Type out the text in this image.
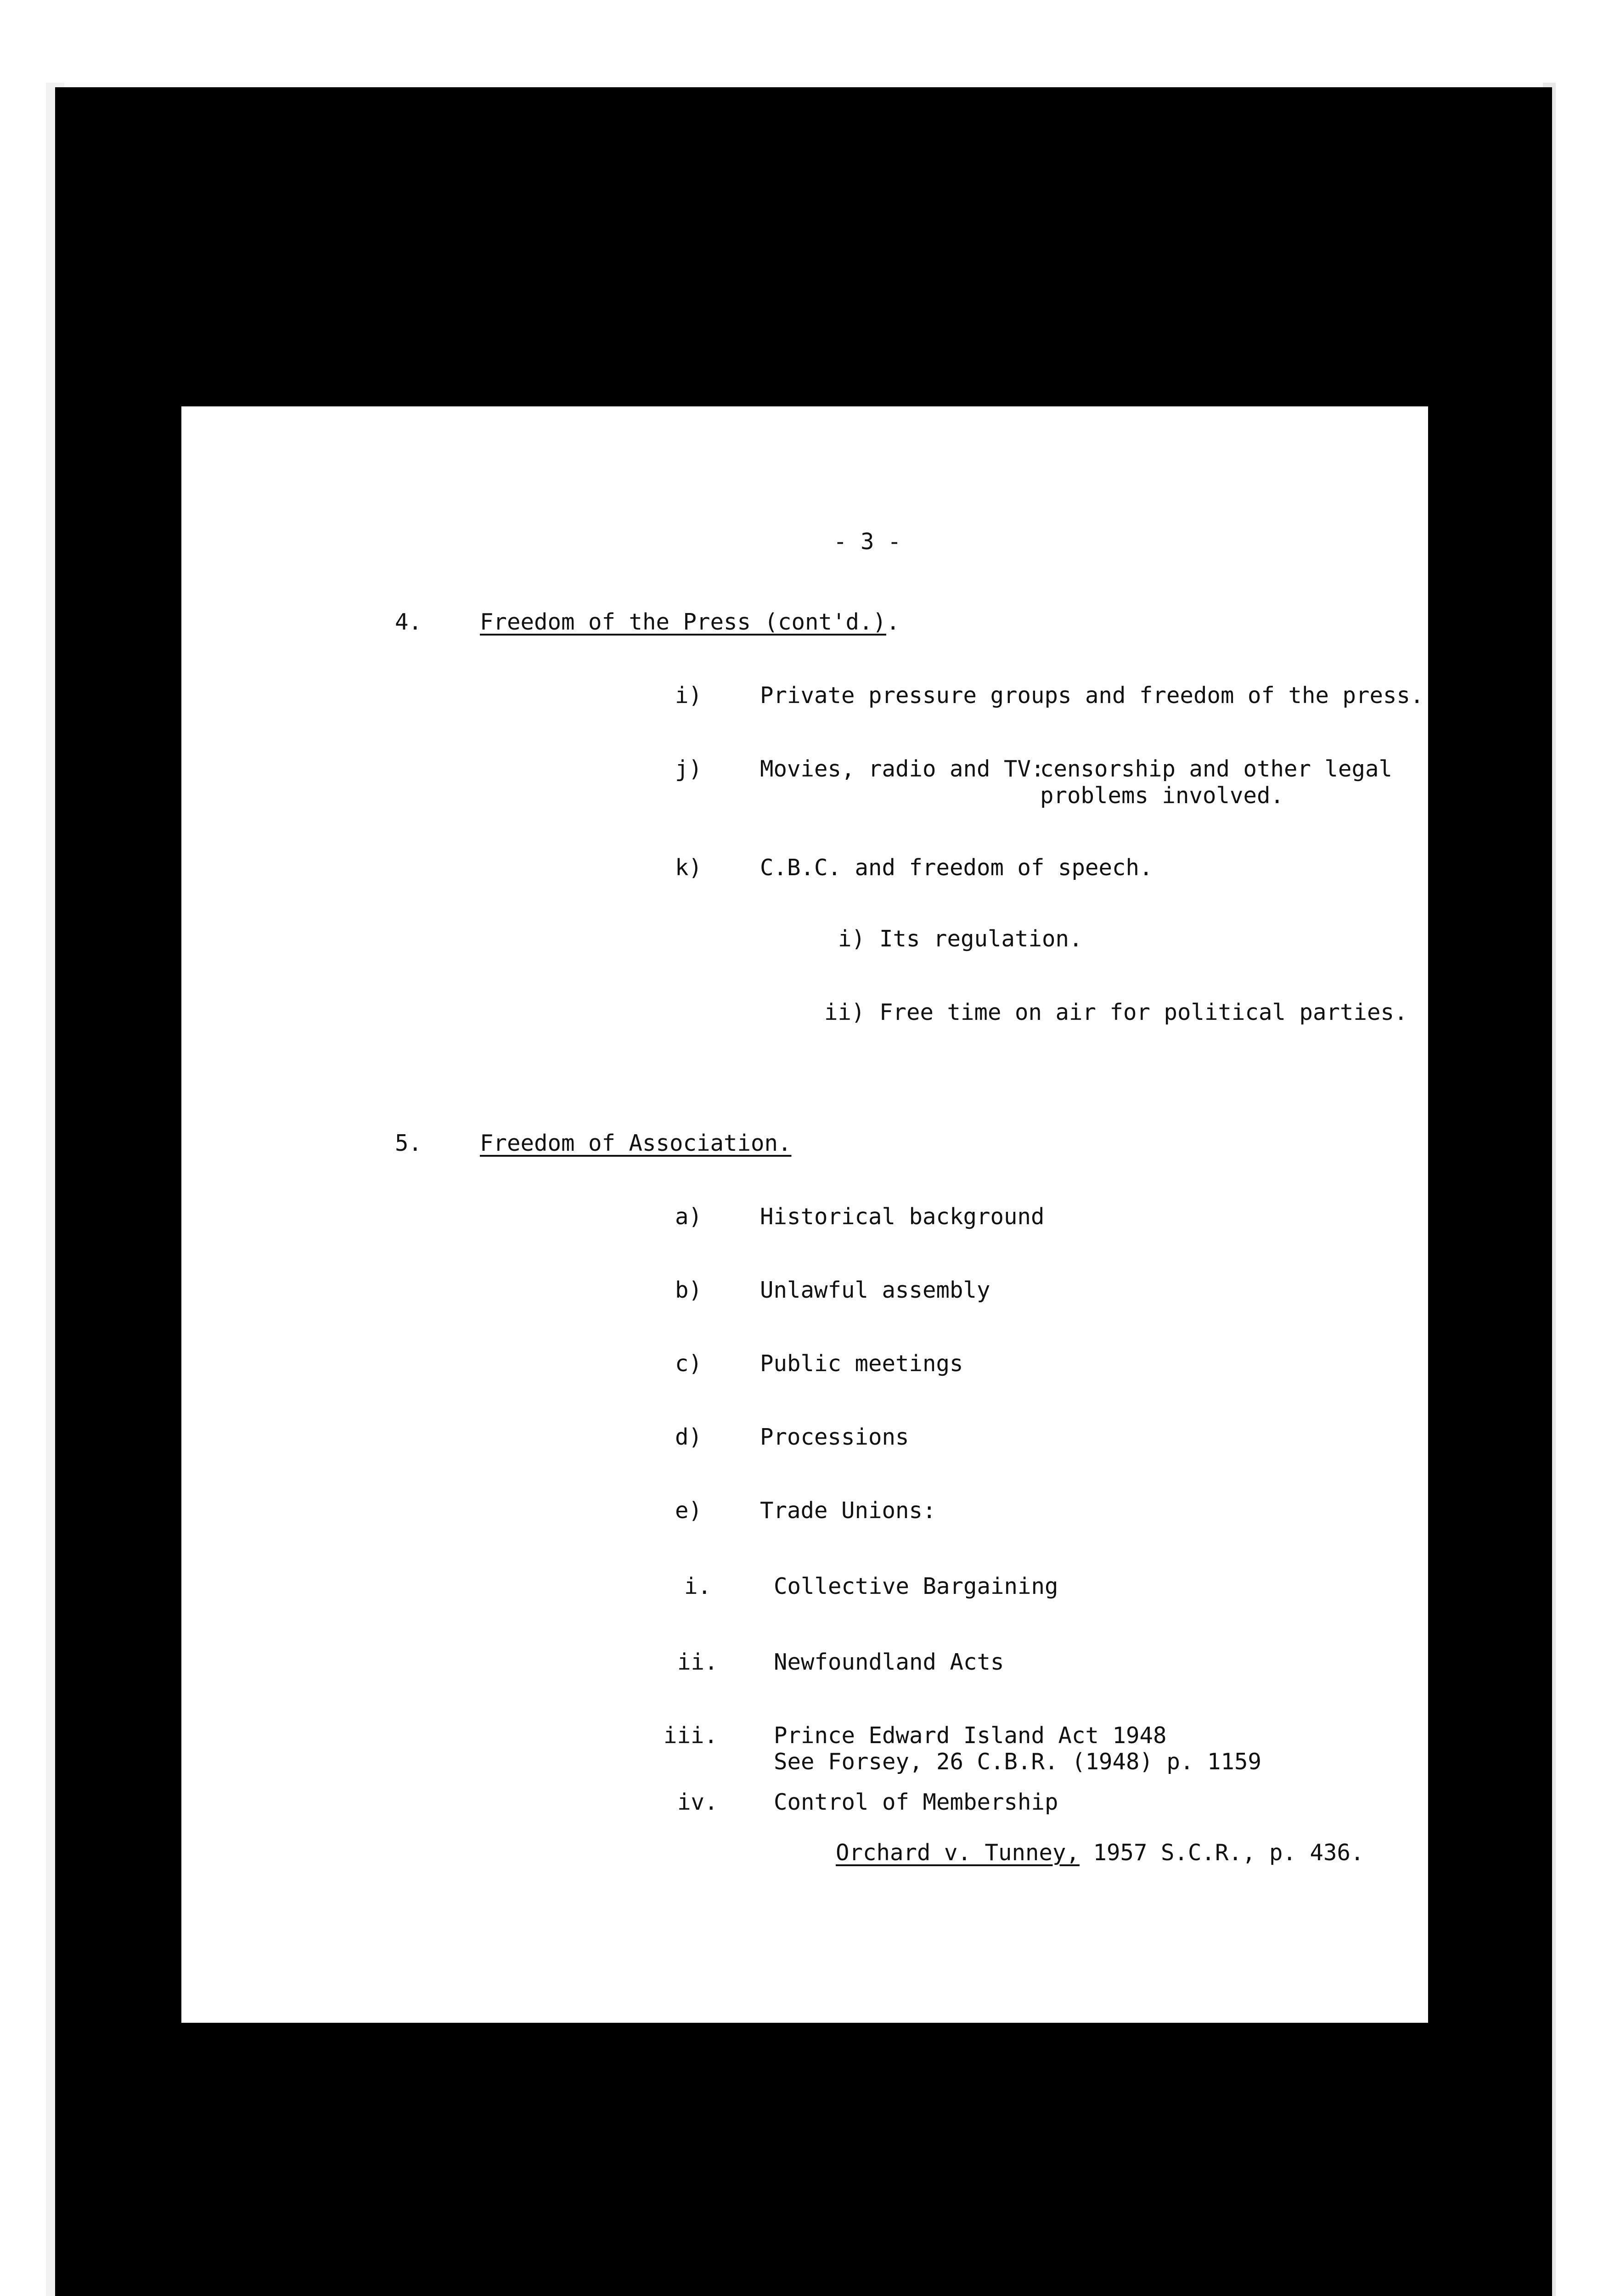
- 3 -
4.	Freedom of the Press (cont'd.).
i)	Private pressure groups and freedom of the press.
j)	Movies, radio and TV:
censorship and other legal
problems involved.
k)	C.B.C. and freedom of speech.
i) Its regulation.
ii) Free time on air for political parties.
5.	Freedom of Association.
a)	Historical background
b)	Unlawful assembly
c)	Public meetings
d)	Processions
e)	Trade Unions:
i.	Collective Bargaining
ii. Newfoundland Acts
iii. Prince Edward Island Act 1948
See Forsey, 26 C.B.R. (1948) p. 1159
iv. Control of Membership
Orchard v. Tunney, 1957 S.C.R., p. 436.
